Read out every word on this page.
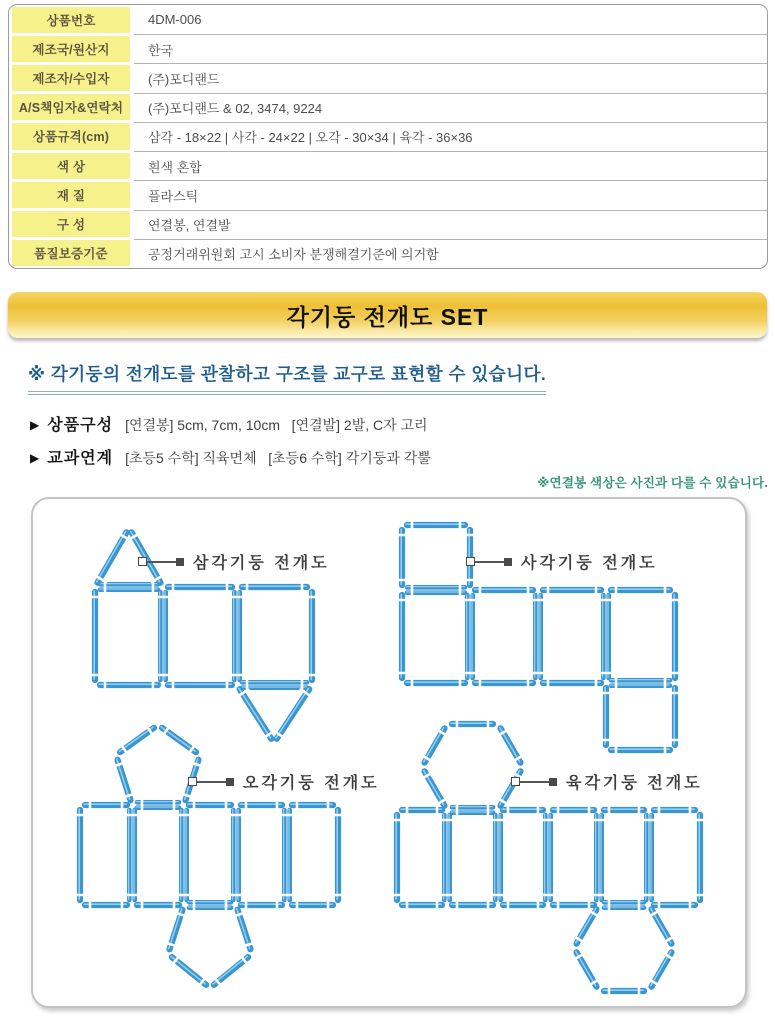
상품번호	4DM-006
제조국/원산지	한국
제조자/수입자	(주)포디랜드
A/S책임자&연락처	(주)포디랜드 & 02, 3474, 9224
상품규격(cm)	삼각 - 18×22 | 사각 - 24×22 | 오각 - 30×34 | 육각 - 36×36
색 상	흰색 혼합
재 질	플라스틱
구 성	연결봉, 연결발
품질보증기준	공정거래위원회 고시 소비자 분쟁해결기준에 의거함
각기둥 전개도 SET
※ 각기둥의 전개도를 관찰하고 구조를 교구로 표현할 수 있습니다.
▶ 상품구성 [연결봉] 5cm, 7cm, 10cm   [연결발] 2발, C자 고리
▶ 교과연계 [초등5 수학] 직육면체   [초등6 수학] 각기둥과 각뿔
※연결봉 색상은 사진과 다를 수 있습니다.
삼각기둥 전개도	사각기둥 전개도
오각기둥 전개도	육각기둥 전개도
